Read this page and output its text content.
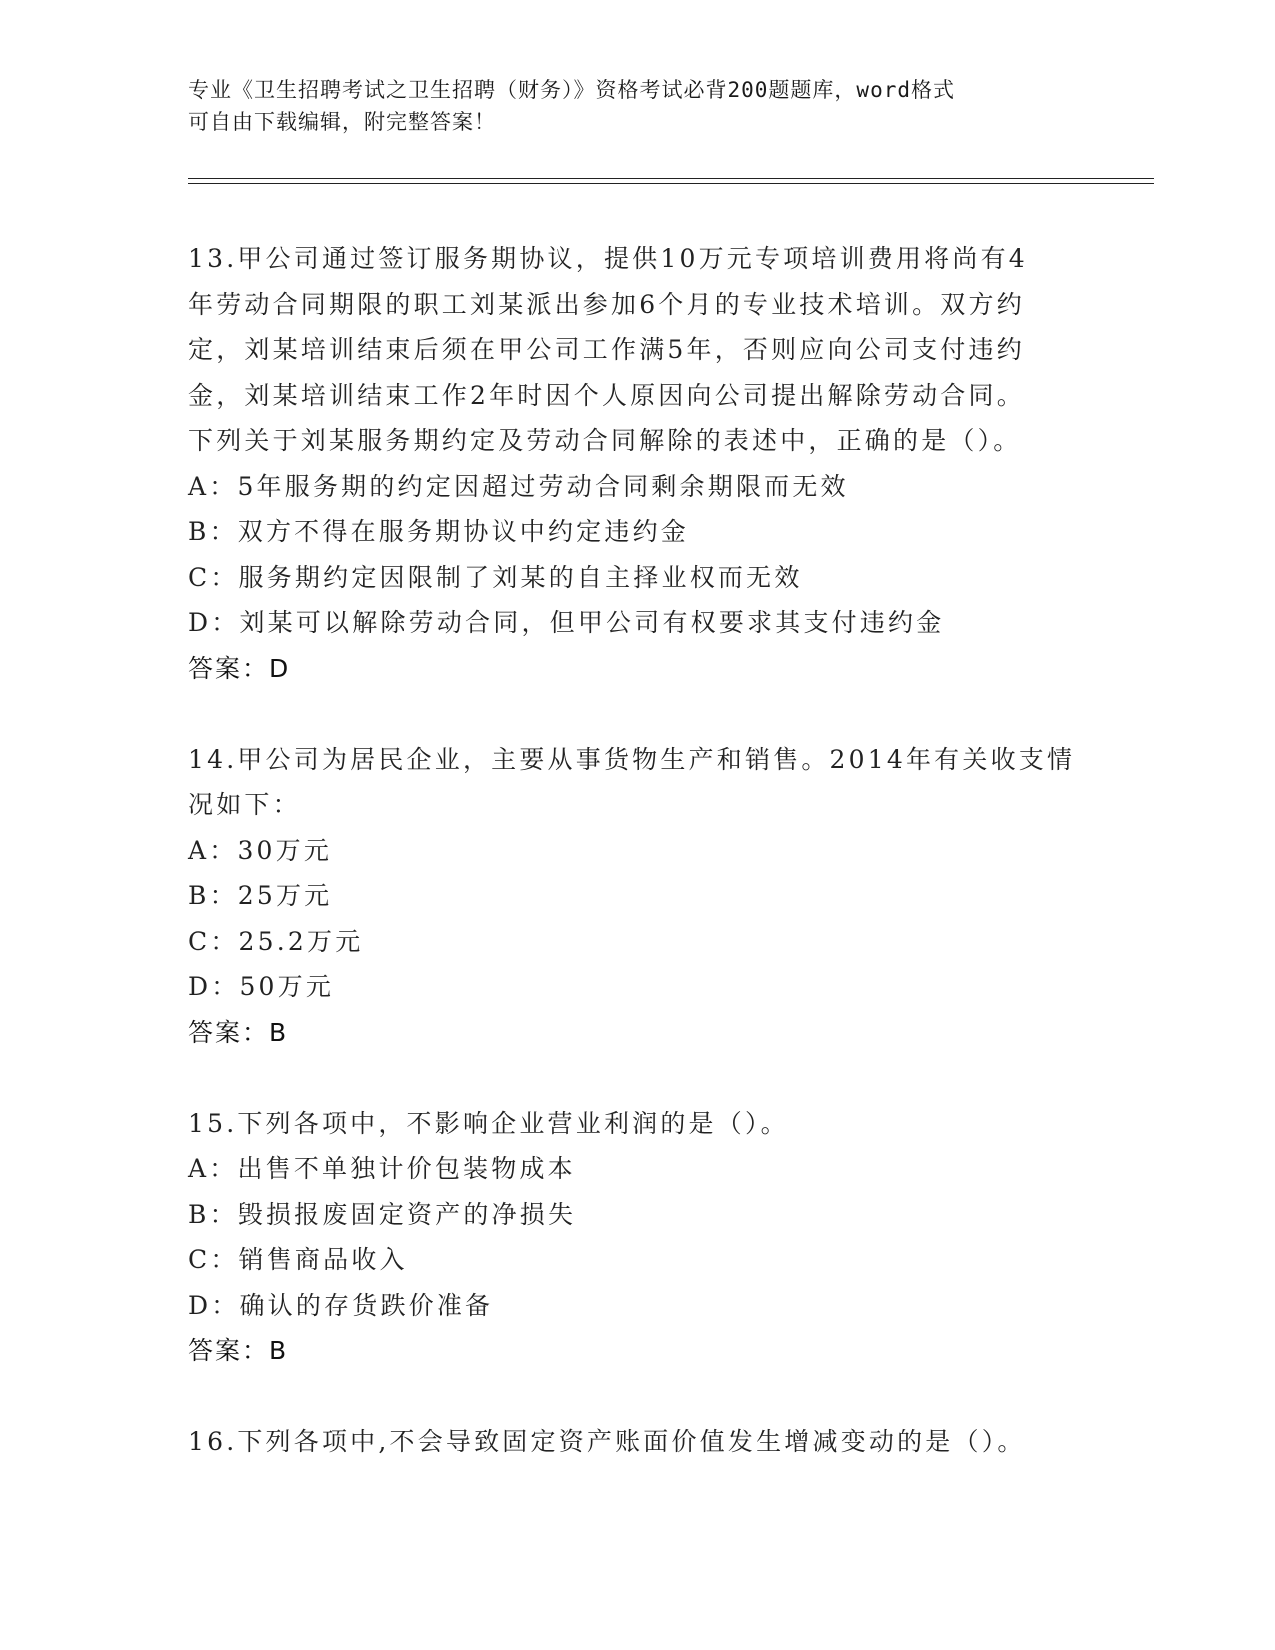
专业《卫生招聘考试之卫生招聘（财务）》资格考试必背200题题库，word格式
可自由下载编辑，附完整答案！
13.甲公司通过签订服务期协议，提供10万元专项培训费用将尚有4
年劳动合同期限的职工刘某派出参加6个月的专业技术培训。双方约
定，刘某培训结束后须在甲公司工作满5年，否则应向公司支付违约
金，刘某培训结束工作2年时因个人原因向公司提出解除劳动合同。
下列关于刘某服务期约定及劳动合同解除的表述中，正确的是（）。
A：5年服务期的约定因超过劳动合同剩余期限而无效
B：双方不得在服务期协议中约定违约金
C：服务期约定因限制了刘某的自主择业权而无效
D：刘某可以解除劳动合同，但甲公司有权要求其支付违约金
答案：D
14.甲公司为居民企业，主要从事货物生产和销售。2014年有关收支情
况如下：
A：30万元
B：25万元
C：25.2万元
D：50万元
答案：B
15.下列各项中，不影响企业营业利润的是（）。
A：出售不单独计价包装物成本
B：毁损报废固定资产的净损失
C：销售商品收入
D：确认的存货跌价准备
答案：B
16.下列各项中,不会导致固定资产账面价值发生增减变动的是（）。
